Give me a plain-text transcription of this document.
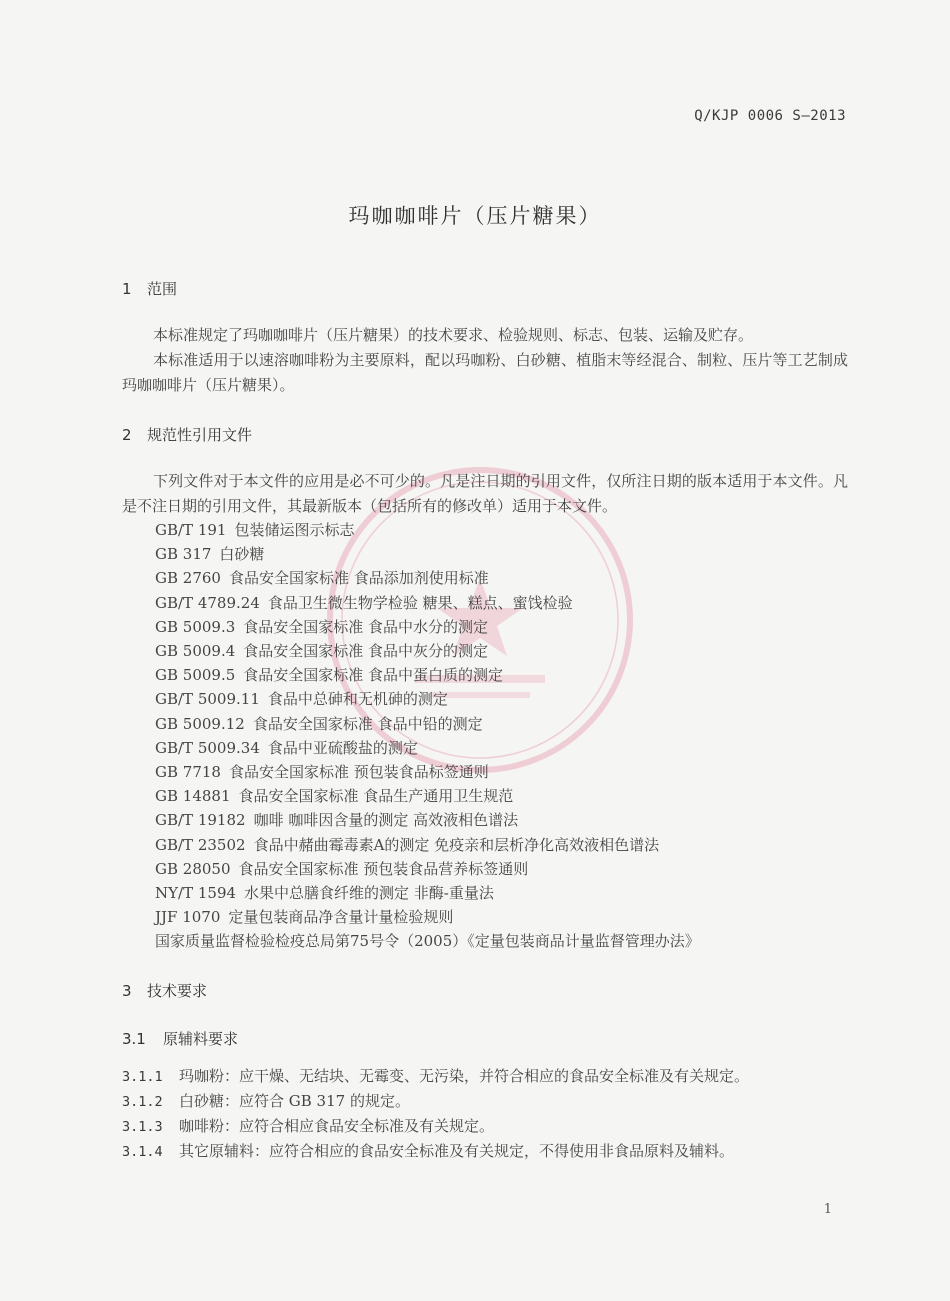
Q/KJP 0006 S—2013
玛咖咖啡片（压片糖果）
1 范围
本标准规定了玛咖咖啡片（压片糖果）的技术要求、检验规则、标志、包装、运输及贮存。
本标准适用于以速溶咖啡粉为主要原料，配以玛咖粉、白砂糖、植脂末等经混合、制粒、压片等工艺制成玛咖咖啡片（压片糖果）。
2 规范性引用文件
下列文件对于本文件的应用是必不可少的。凡是注日期的引用文件，仅所注日期的版本适用于本文件。凡是不注日期的引用文件，其最新版本（包括所有的修改单）适用于本文件。
GB/T 191 包装储运图示标志
GB 317 白砂糖
GB 2760 食品安全国家标准 食品添加剂使用标准
GB/T 4789.24 食品卫生微生物学检验 糖果、糕点、蜜饯检验
GB 5009.3 食品安全国家标准 食品中水分的测定
GB 5009.4 食品安全国家标准 食品中灰分的测定
GB 5009.5 食品安全国家标准 食品中蛋白质的测定
GB/T 5009.11 食品中总砷和无机砷的测定
GB 5009.12 食品安全国家标准 食品中铅的测定
GB/T 5009.34 食品中亚硫酸盐的测定
GB 7718 食品安全国家标准 预包装食品标签通则
GB 14881 食品安全国家标准 食品生产通用卫生规范
GB/T 19182 咖啡 咖啡因含量的测定 高效液相色谱法
GB/T 23502 食品中赭曲霉毒素A的测定 免疫亲和层析净化高效液相色谱法
GB 28050 食品安全国家标准 预包装食品营养标签通则
NY/T 1594 水果中总膳食纤维的测定 非酶-重量法
JJF 1070 定量包装商品净含量计量检验规则
国家质量监督检验检疫总局第75号令（2005）《定量包装商品计量监督管理办法》
3 技术要求
3.1 原辅料要求
3.1.1 玛咖粉：应干燥、无结块、无霉变、无污染，并符合相应的食品安全标准及有关规定。
3.1.2 白砂糖：应符合 GB 317 的规定。
3.1.3 咖啡粉：应符合相应食品安全标准及有关规定。
3.1.4 其它原辅料：应符合相应的食品安全标准及有关规定，不得使用非食品原料及辅料。
1
